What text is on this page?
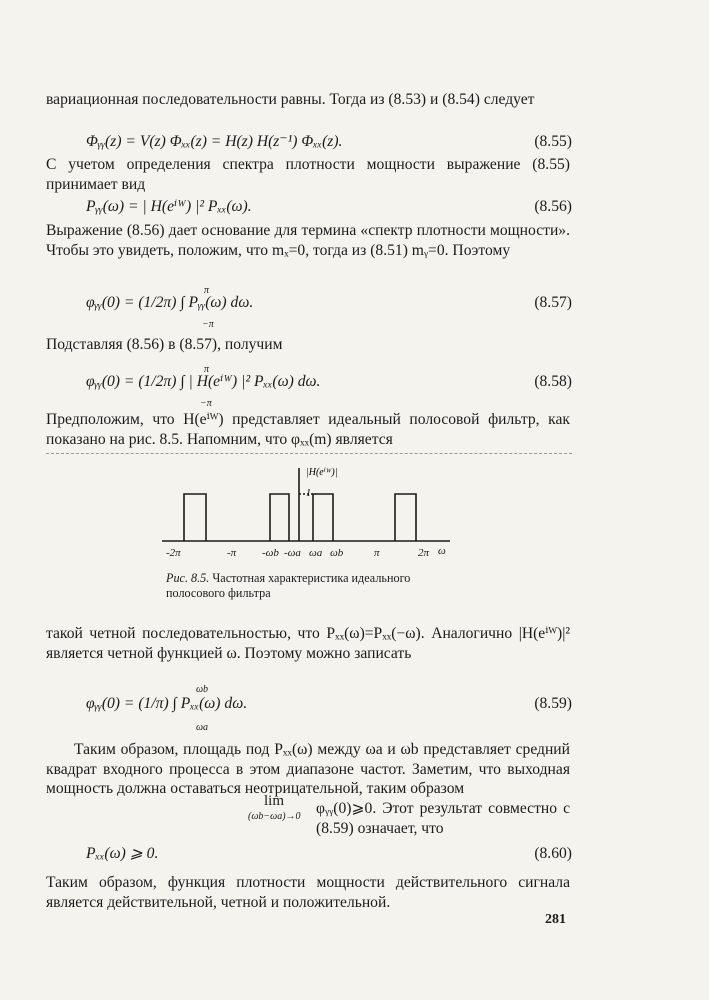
вариационная последовательности равны. Тогда из (8.53) и (8.54) следует
Φᵧᵧ(z) = V(z) Φₓₓ(z) = H(z) H(z⁻¹) Φₓₓ(z).	(8.55)
С учетом определения спектра плотности мощности выражение (8.55) принимает вид
Pᵧᵧ(ω) = | H(eⁱᵂ) |² Pₓₓ(ω).	(8.56)
Выражение (8.56) дает основание для термина «спектр плотности мощности». Чтобы это увидеть, положим, что mₓ=0, тогда из (8.51) mᵧ=0. Поэтому
π
φᵧᵧ(0) = (1/2π) ∫ Pᵧᵧ(ω) dω.
−π
(8.57)
Подставляя (8.56) в (8.57), получим
π
φᵧᵧ(0) = (1/2π) ∫ | H(eⁱᵂ) |² Pₓₓ(ω) dω.
−π
(8.58)
Предположим, что H(eⁱᵂ) представляет идеальный полосовой фильтр, как показано на рис. 8.5. Напомним, что φₓₓ(m) является
|H(eⁱᵂ)|
1
-2π	-π -ωb -ωa ωa ωb	π	2π ω
Рис. 8.5. Частотная характеристика идеального полосового фильтра
такой четной последовательностью, что Pₓₓ(ω)=Pₓₓ(−ω). Аналогично |H(eⁱᵂ)|² является четной функцией ω. Поэтому можно записать
ωb
φᵧᵧ(0) = (1/π) ∫ Pₓₓ(ω) dω.
ωa
(8.59)
Таким образом, площадь под Pₓₓ(ω) между ωa и ωb представляет средний квадрат входного процесса в этом диапазоне частот. Заметим, что выходная мощность должна оставаться неотрицательной, таким образом
lim
(ωb−ωa)→0 φᵧᵧ(0)⩾0. Этот результат совместно с (8.59) означает, что
Pₓₓ(ω) ⩾ 0.	(8.60)
Таким образом, функция плотности мощности действительного сигнала является действительной, четной и положительной.
281
